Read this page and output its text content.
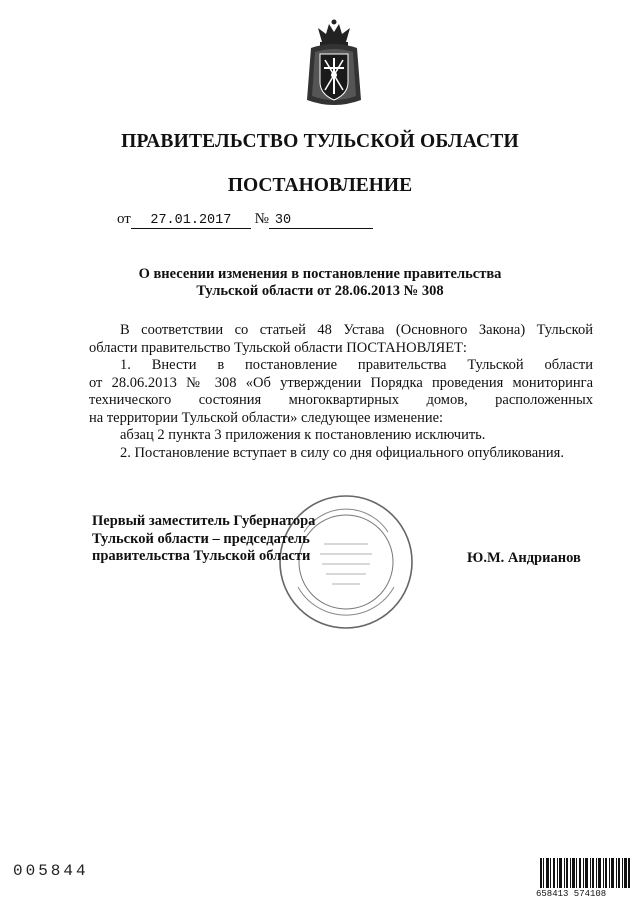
ПРАВИТЕЛЬСТВО ТУЛЬСКОЙ ОБЛАСТИ
ПОСТАНОВЛЕНИЕ
от 27.01.2017 № 30
О внесении изменения в постановление правительства
Тульской области от 28.06.2013 № 308

В соответствии со статьей 48 Устава (Основного Закона) Тульской

области правительство Тульской области ПОСТАНОВЛЯЕТ:

1. Внести в постановление правительства Тульской области

от 28.06.2013 № 308 «Об утверждении Порядка проведения мониторинга

технического состояния многоквартирных домов, расположенных

на территории Тульской области» следующее изменение:

абзац 2 пункта 3 приложения к постановлению исключить.

2. Постановление вступает в силу со дня официального опубликования.

Первый заместитель Губернатора
Тульской области – председатель
правительства Тульской области	Ю.М. Андрианов
005844
658413 574108
